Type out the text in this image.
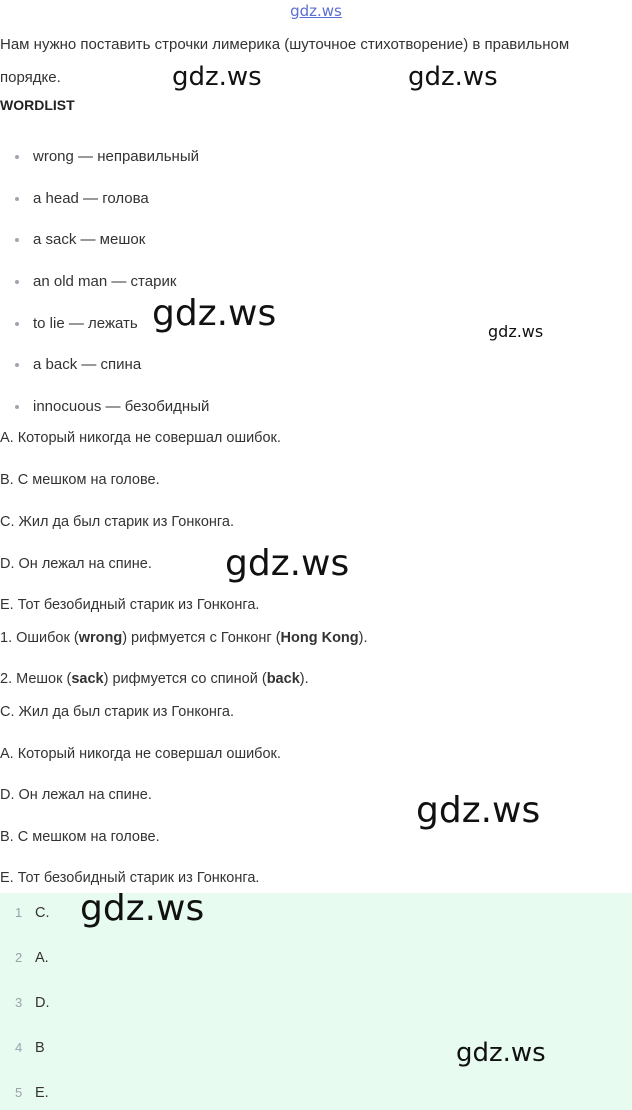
gdz.ws
Нам нужно поставить строчки лимерика (шуточное стихотворение) в правильном порядке.
WORDLIST
wrong — неправильный
a head — голова
a sack — мешок
an old man — старик
to lie — лежать
a back — спина
innocuous — безобидный
A. Который никогда не совершал ошибок.
B. С мешком на голове.
C. Жил да был старик из Гонконга.
D. Он лежал на спине.
E. Тот безобидный старик из Гонконга.
1. Ошибок (wrong) рифмуется с Гонконг (Hong Kong).
2. Мешок (sack) рифмуется со спиной (back).
C. Жил да был старик из Гонконга.
A. Который никогда не совершал ошибок.
D. Он лежал на спине.
B. С мешком на голове.
E. Тот безобидный старик из Гонконга.
1 C.
2 A.
3 D.
4 B
5 E.
gdz.ws	gdz.ws
gdz.ws	gdz.ws
gdz.ws
gdz.ws
gdz.ws
gdz.ws
